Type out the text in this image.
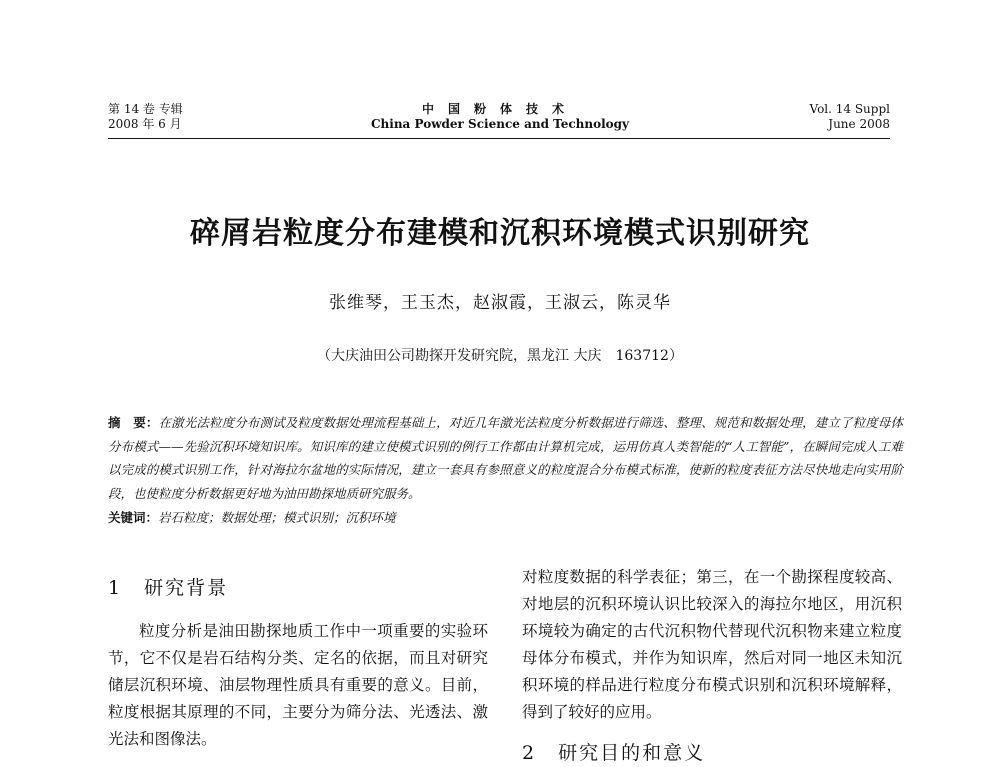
第 14 卷 专辑
2008 年 6 月
中国粉体技术
China Powder Science and Technology
Vol. 14 Suppl
June 2008
碎屑岩粒度分布建模和沉积环境模式识别研究
张维琴，王玉杰，赵淑霞，王淑云，陈灵华
（大庆油田公司勘探开发研究院，黑龙江 大庆　163712）
摘　要：在激光法粒度分布测试及粒度数据处理流程基础上，对近几年激光法粒度分析数据进行筛选、整理、规范和数据处理，建立了粒度母体分布模式——先验沉积环境知识库。知识库的建立使模式识别的例行工作都由计算机完成，运用仿真人类智能的“人工智能”，在瞬间完成人工难以完成的模式识别工作，针对海拉尔盆地的实际情况，建立一套具有参照意义的粒度混合分布模式标准，使新的粒度表征方法尽快地走向实用阶段，也使粒度分析数据更好地为油田勘探地质研究服务。
关键词：岩石粒度；数据处理；模式识别；沉积环境
1 研究背景

粒度分析是油田勘探地质工作中一项重要的实验环节，它不仅是岩石结构分类、定名的依据，而且对研究储层沉积环境、油层物理性质具有重要的意义。目前，粒度根据其原理的不同，主要分为筛分法、光透法、激光法和图像法。

对粒度数据的科学表征；第三，在一个勘探程度较高、对地层的沉积环境认识比较深入的海拉尔地区，用沉积环境较为确定的古代沉积物代替现代沉积物来建立粒度母体分布模式，并作为知识库，然后对同一地区未知沉积环境的样品进行粒度分布模式识别和沉积环境解释，得到了较好的应用。

2 研究目的和意义
